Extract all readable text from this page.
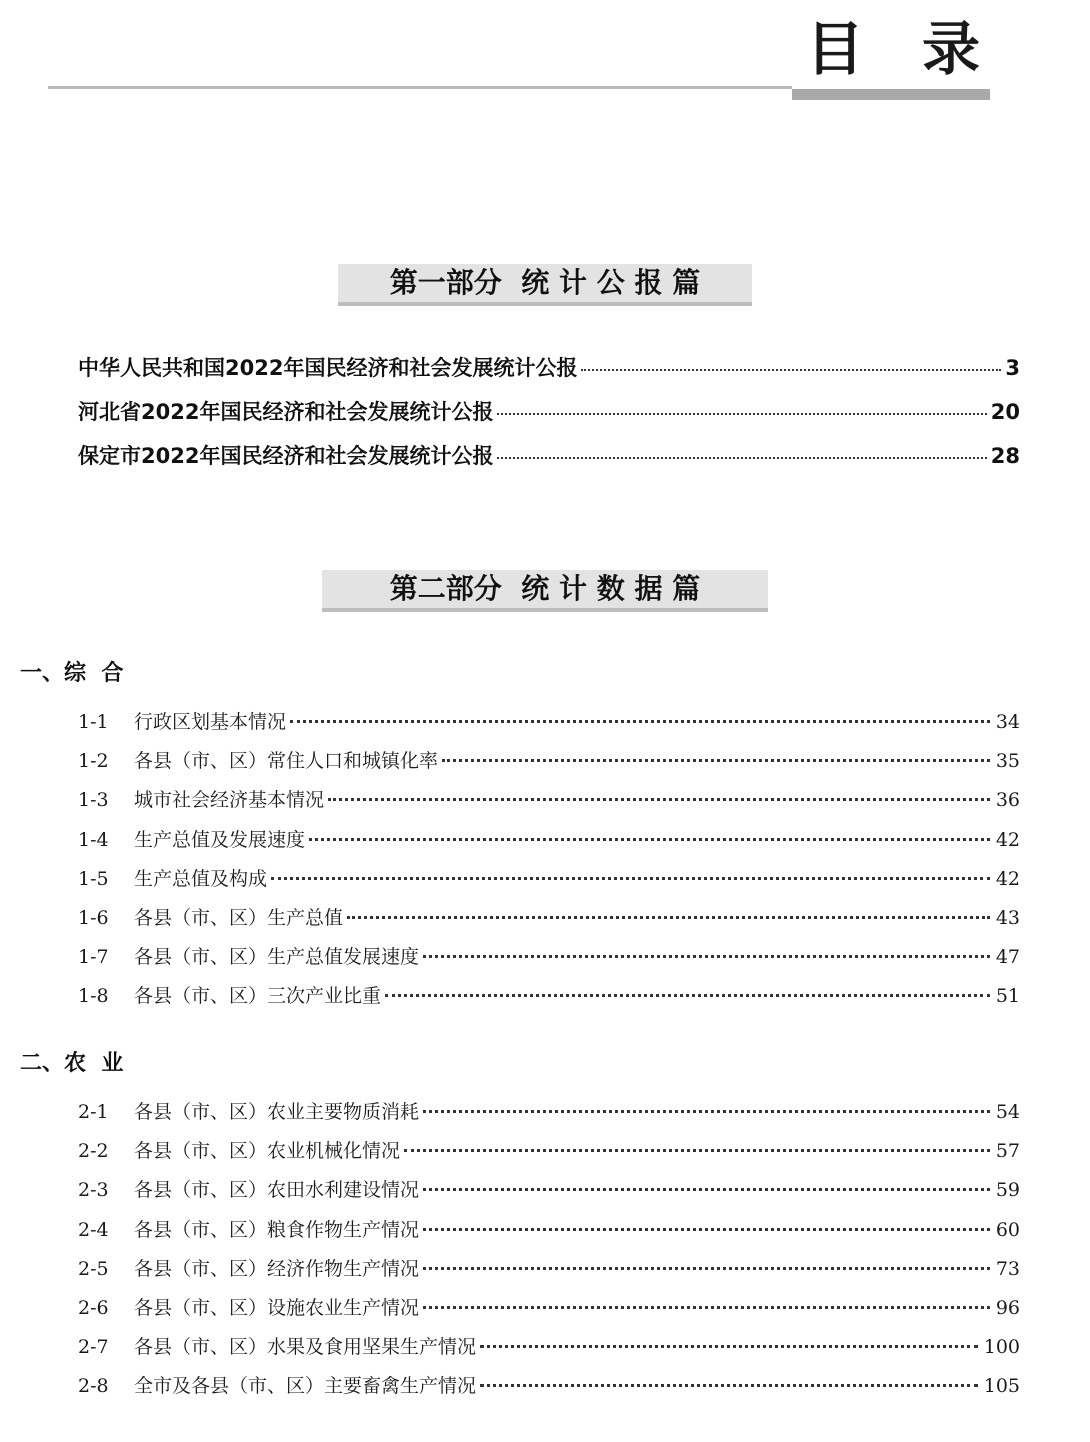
目录
第一部分  统 计 公 报 篇
中华人民共和国2022年国民经济和社会发展统计公报	3
河北省2022年国民经济和社会发展统计公报	20
保定市2022年国民经济和社会发展统计公报	28
第二部分  统 计 数 据 篇
一、综  合
1-1	行政区划基本情况	34
1-2	各县（市、区）常住人口和城镇化率	35
1-3	城市社会经济基本情况	36
1-4	生产总值及发展速度	42
1-5	生产总值及构成	42
1-6	各县（市、区）生产总值	43
1-7	各县（市、区）生产总值发展速度	47
1-8	各县（市、区）三次产业比重	51
二、农  业
2-1	各县（市、区）农业主要物质消耗	54
2-2	各县（市、区）农业机械化情况	57
2-3	各县（市、区）农田水利建设情况	59
2-4	各县（市、区）粮食作物生产情况	60
2-5	各县（市、区）经济作物生产情况	73
2-6	各县（市、区）设施农业生产情况	96
2-7	各县（市、区）水果及食用坚果生产情况	100
2-8	全市及各县（市、区）主要畜禽生产情况	105
